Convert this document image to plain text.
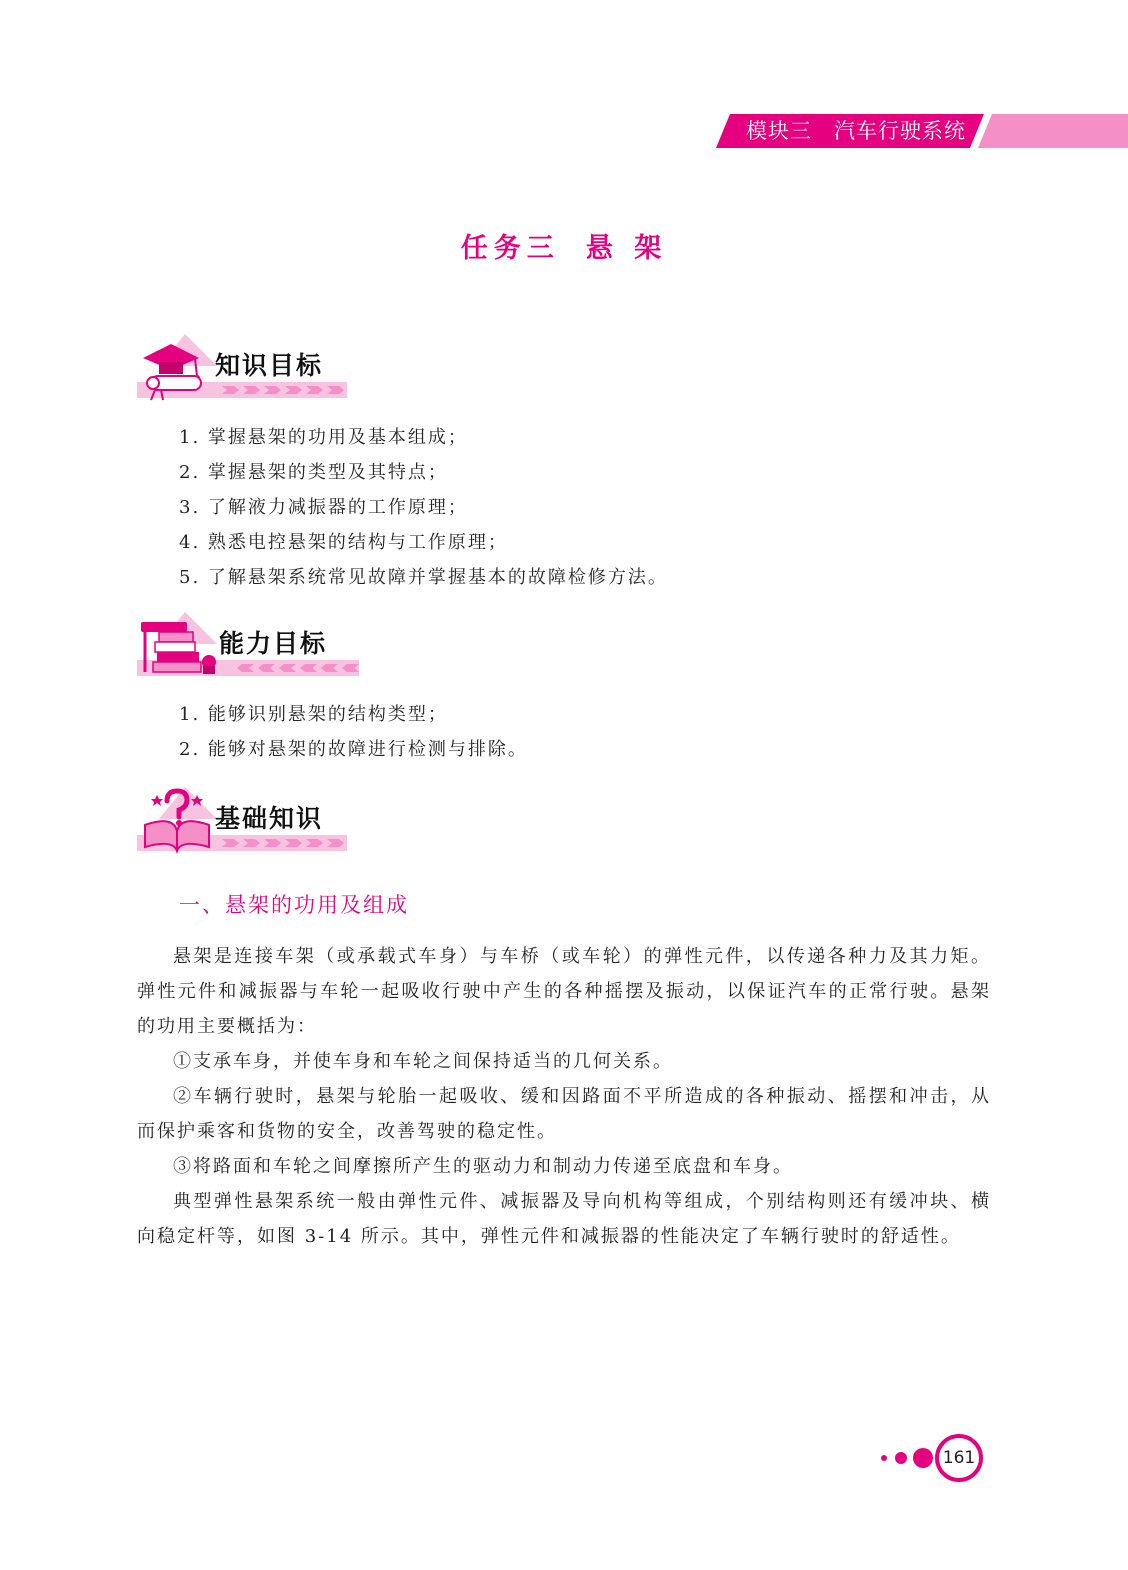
模块三 汽车行驶系统
任务三 悬 架
知识目标
1. 掌握悬架的功用及基本组成；
2. 掌握悬架的类型及其特点；
3. 了解液力减振器的工作原理；
4. 熟悉电控悬架的结构与工作原理；
5. 了解悬架系统常见故障并掌握基本的故障检修方法。
能力目标
1. 能够识别悬架的结构类型；
2. 能够对悬架的故障进行检测与排除。
基础知识
一、悬架的功用及组成

悬架是连接车架（或承载式车身）与车桥（或车轮）的弹性元件，以传递各种力及其力矩。弹性元件和减振器与车轮一起吸收行驶中产生的各种摇摆及振动，以保证汽车的正常行驶。悬架的功用主要概括为：

①支承车身，并使车身和车轮之间保持适当的几何关系。

②车辆行驶时，悬架与轮胎一起吸收、缓和因路面不平所造成的各种振动、摇摆和冲击，从而保护乘客和货物的安全，改善驾驶的稳定性。

③将路面和车轮之间摩擦所产生的驱动力和制动力传递至底盘和车身。

典型弹性悬架系统一般由弹性元件、减振器及导向机构等组成，个别结构则还有缓冲块、横向稳定杆等，如图 3-14 所示。其中，弹性元件和减振器的性能决定了车辆行驶时的舒适性。

161
